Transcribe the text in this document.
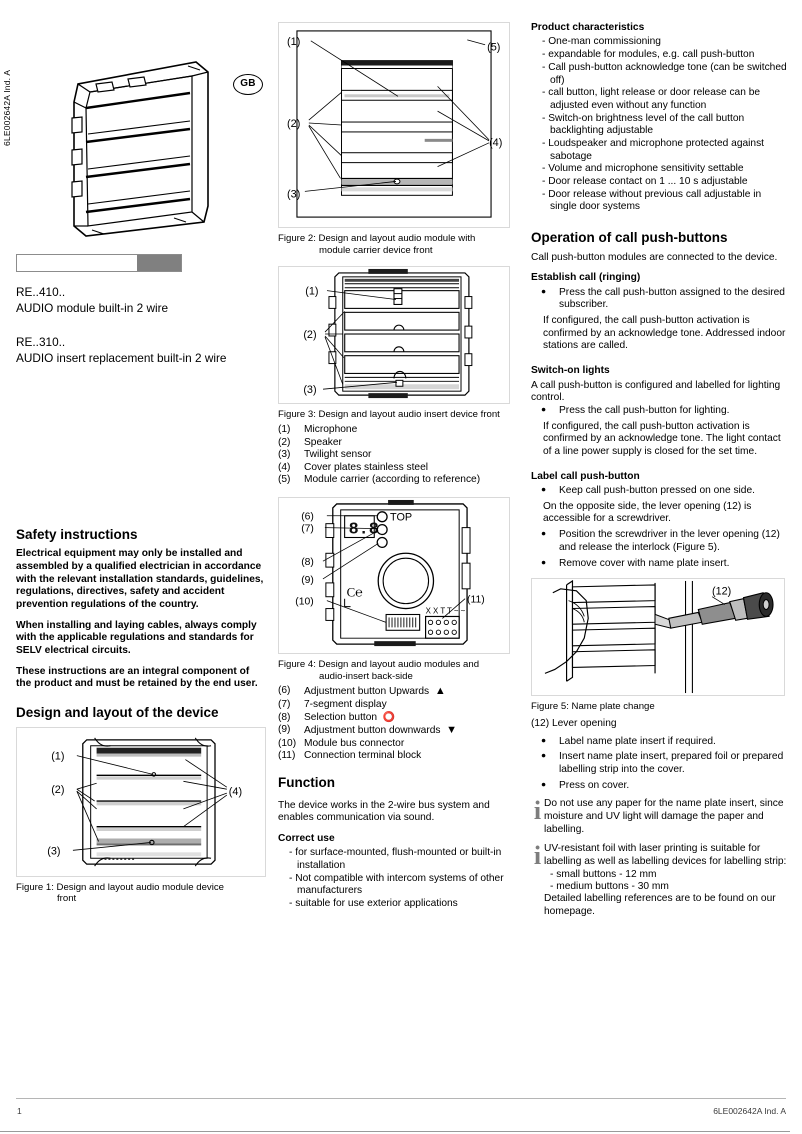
6LE002642A Ind. A	GB

RE..410..

AUDIO module built-in 2 wire

RE..310..

AUDIO insert replacement built-in 2 wire

Safety instructions

Electrical equipment may only be installed and assembled by a qualified electrician in accordance with the relevant installation standards, guidelines, regulations, directives, safety and accident prevention regulations of the country.

When installing and laying cables, always comply with the applicable regulations and standards for SELV electrical circuits.

These instructions are an integral component of the product and must be retained by the end user.

Design and layout of the device
(1)
(2)
(3)
(4)

Figure 1: Design and layout audio module device
front

(1)
(2)
(3)
(4)
(5)

Figure 2: Design and layout audio module with
module carrier device front

(1)
(2)
(3)

Figure 3: Design and layout audio insert device front

(1)	Microphone
(2)	Speaker
(3)	Twilight sensor
(4)	Cover plates stainless steel
(5)	Module carrier (according to reference)
8.8
TOP
C℮
X X T T ~ ~
(6)
(7)
(8)
(9)
(10)	(11)

Figure 4: Design and layout audio modules and
audio-insert back-side

(6)	Adjustment button Upwards ▲
(7)	7-segment display
(8)	Selection button ⭕
(9)	Adjustment button downwards ▼
(10)	Module bus connector
(11)	Connection terminal block
Function

The device works in the 2-wire bus system and enables communication via sound.

Correct use
- for surface-mounted, flush-mounted or built-in installation
- Not compatible with intercom systems of other manufacturers
- suitable for use exterior applications
Product characteristics
- One-man commissioning
- expandable for modules, e.g. call push-button
- Call push-button acknowledge tone (can be switched off)
- call button, light release or door release can be adjusted even without any function
- Switch-on brightness level of the call button backlighting adjustable
- Loudspeaker and microphone protected against sabotage
- Volume and microphone sensitivity settable
- Door release contact on 1 ... 10 s adjustable
- Door release without previous call adjustable in single door systems
Operation of call push-buttons

Call push-button modules are connected to the device.

Establish call (ringing)

● Press the call push-button assigned to the desired subscriber.

If configured, the call push-button activation is confirmed by an acknowledge tone. Addressed indoor stations are called.

Switch-on lights

A call push-button is configured and labelled for lighting control.

● Press the call push-button for lighting.

If configured, the call push-button activation is confirmed by an acknowledge tone. The light contact of a line power supply is closed for the set time.

Label call push-button

● Keep call push-button pressed on one side.

On the opposite side, the lever opening (12) is accessible for a screwdriver.

● Position the screwdriver in the lever opening (12) and release the interlock (Figure 5).

● Remove cover with name plate insert.

(12)

Figure 5: Name plate change

(12) Lever opening

● Label name plate insert if required.

● Insert name plate insert, prepared foil or prepared labelling strip into the cover.

● Press on cover.

i Do not use any paper for the name plate insert, since moisture and UV light will damage the paper and labelling.
i UV-resistant foil with laser printing is suitable for labelling as well as labelling devices for labelling strip:
- small buttons - 12 mm
- medium buttons - 30 mm
Detailed labelling references are to be found on our homepage.
1	6LE002642A Ind. A
